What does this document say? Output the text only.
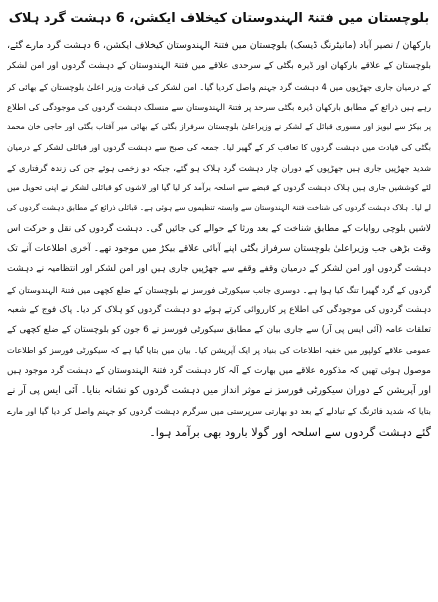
بلوچستان میں فتنۃ الہندوستان کیخلاف ایکشن، 6 دہشت گرد ہلاک
بارکھان / نصیر آباد (مانیٹرنگ ڈیسک) بلوچستان میں فتنۃ الہندوستان کیخلاف ایکشن، 6 دہشت گرد مارے گئے،
بلوچستان کے علاقے بارکھان اور ڈیرہ بگٹی کے سرحدی علاقے میں فتنۃ الہندوستان کے دہشت گردوں اور امن لشکر
کے درمیان جاری جھڑپوں میں 4 دہشت گرد جہنم واصل کردیا گیا۔ امن لشکر کی قیادت وزیر اعلیٰ بلوچستان کے بھائی کر
رہے ہیں ذرائع کے مطابق بارکھان ڈیرہ بگٹی سرحد پر فتنۃ الہندوستان سے منسلک دہشت گردوں کی موجودگی کی اطلاع
پر بیکڑ سے لیویز اور مسوری قبائل کے لشکر نے وزیراعلیٰ بلوچستان سرفراز بگٹی کے بھائی میر آفتاب بگٹی اور حاجی خان محمد
بگٹی کی قیادت میں دہشت گردوں کا تعاقب کر کے گھیر لیا۔ جمعہ کی صبح سے دہشت گردوں اور قبائلی لشکر کے درمیان
شدید جھڑپیں جاری ہیں جھڑپوں کے دوران چار دہشت گرد ہلاک ہو گئے، جبکہ دو زخمی ہوئے جن کی زندہ گرفتاری کے
لئے کوششیں جاری ہیں ہلاک دہشت گردوں کے قبضے سے اسلحہ برآمد کر لیا گیا اور لاشوں کو قبائلی لشکر نے اپنی تحویل میں
لے لیا۔ ہلاک دہشت گردوں کی شناخت فتنۃ الہندوستان سے وابستہ تنظیموں سے ہوئی ہے۔ قبائلی ذرائع کے مطابق دہشت گردوں کی
لاشیں بلوچی روایات کے مطابق شناخت کے بعد ورثا کے حوالے کی جائیں گی۔ دہشت گردوں کی نقل و حرکت اس
وقت بڑھی جب وزیراعلیٰ بلوچستان سرفراز بگٹی اپنے آبائی علاقے بیکڑ میں موجود تھے۔ آخری اطلاعات آنے تک
دہشت گردوں اور امن لشکر کے درمیان وقفے وقفے سے جھڑپیں جاری ہیں اور امن لشکر اور انتظامیہ نے دہشت
گردوں کے گرد گھیرا تنگ کیا ہوا ہے۔ دوسری جانب سیکورٹی فورسز نے بلوچستان کے ضلع کچھی میں فتنۃ الہندوستان کے
دہشت گردوں کی موجودگی کی اطلاع پر کارروائی کرتے ہوئے دو دہشت گردوں کو ہلاک کر دیا۔ پاک فوج کے شعبہ
تعلقات عامہ (آئی ایس پی آر) سے جاری بیان کے مطابق سیکورٹی فورسز نے 6 جون کو بلوچستان کے ضلع کچھی کے
عمومی علاقے کولپور میں خفیہ اطلاعات کی بنیاد پر ایک آپریشن کیا۔ بیان میں بتایا گیا ہے کہ سیکورٹی فورسز کو اطلاعات
موصول ہوئی تھیں کہ مذکورہ علاقے میں بھارت کے آلہ کار دہشت گرد فتنۃ الہندوستان کے دہشت گرد موجود ہیں
اور آپریشن کے دوران سیکورٹی فورسز نے موثر انداز میں دہشت گردوں کو نشانہ بنایا۔ آئی ایس پی آر نے
بتایا کہ شدید فائرنگ کے تبادلے کے بعد دو بھارتی سرپرستی میں سرگرم دہشت گردوں کو جہنم واصل کر دیا گیا اور مارے
گئے دہشت گردوں سے اسلحہ اور گولا بارود بھی برآمد ہوا۔
